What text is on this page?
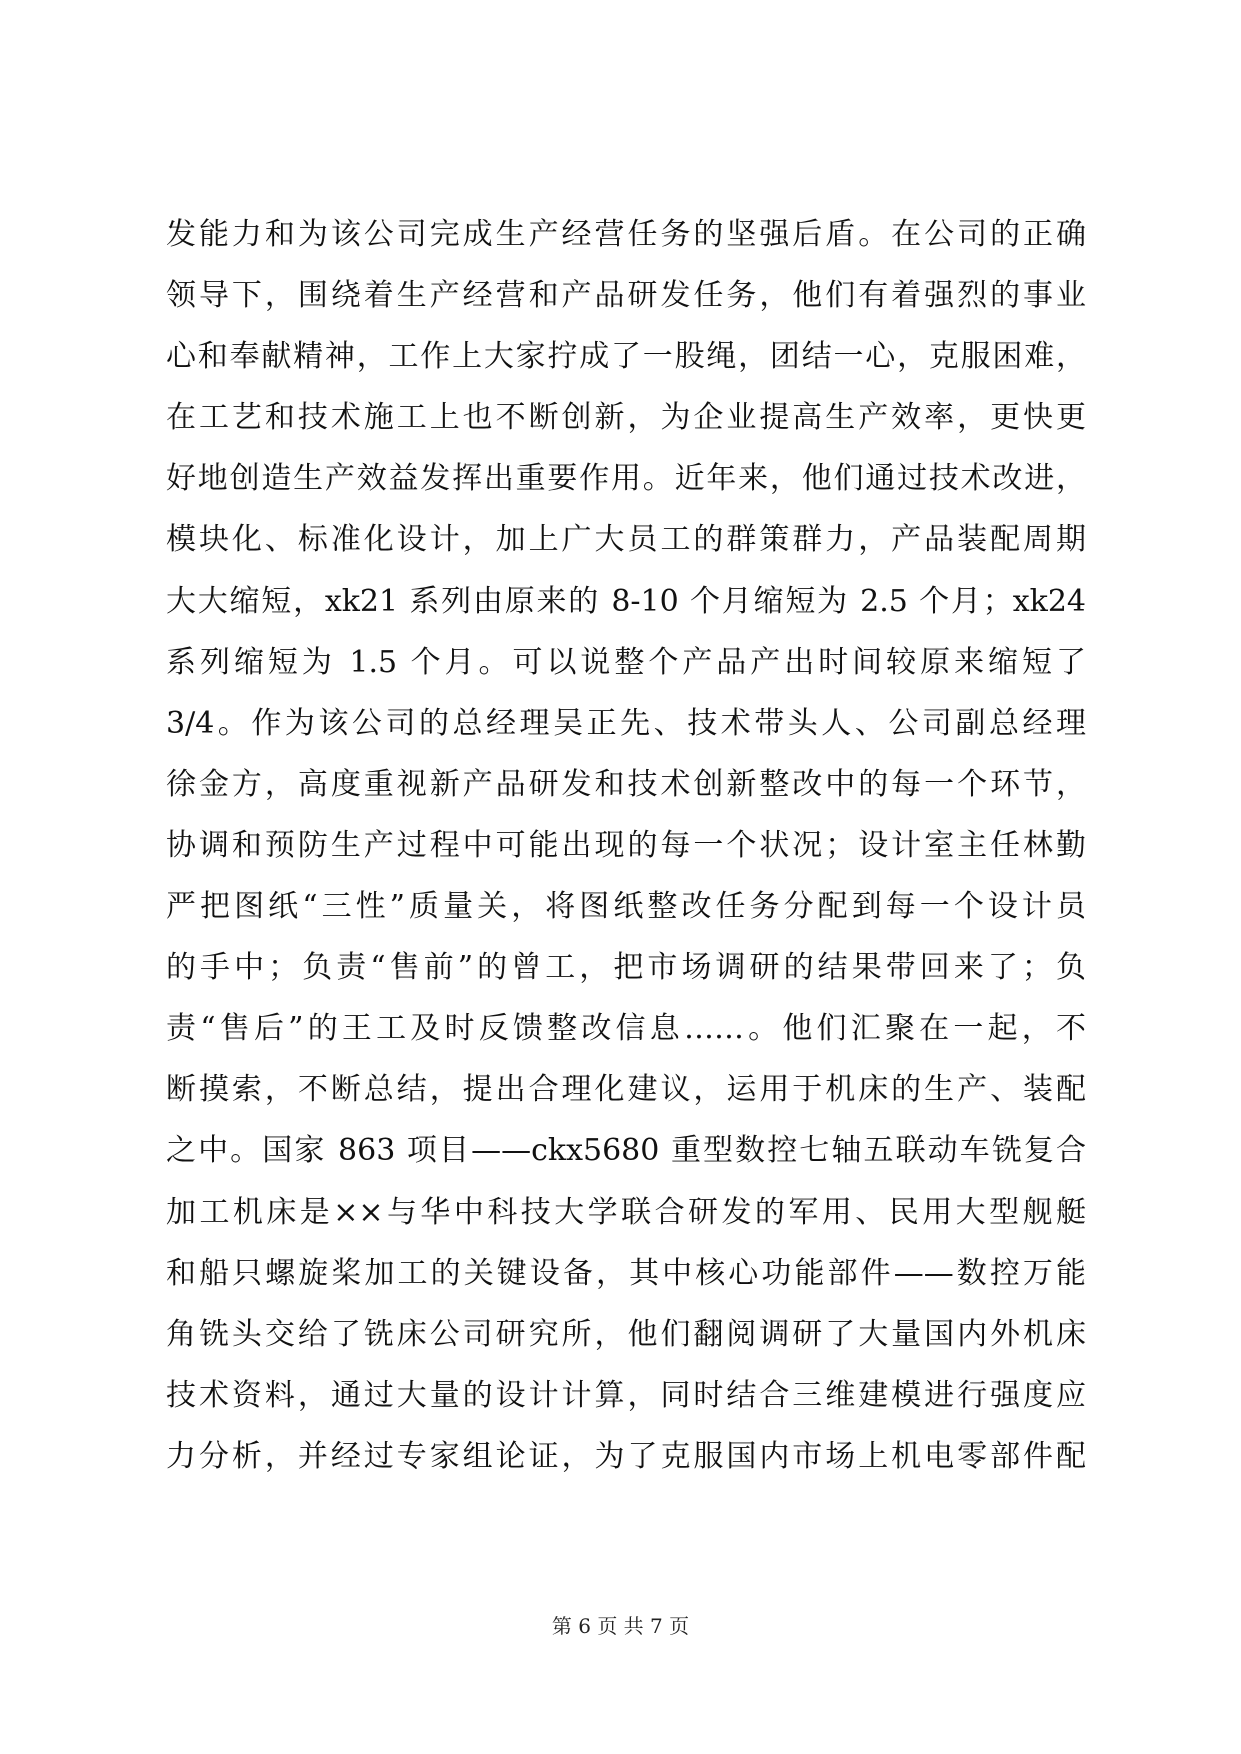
发能力和为该公司完成生产经营任务的坚强后盾。在公司的正确
领导下，围绕着生产经营和产品研发任务，他们有着强烈的事业
心和奉献精神，工作上大家拧成了一股绳，团结一心，克服困难，
在工艺和技术施工上也不断创新，为企业提高生产效率，更快更
好地创造生产效益发挥出重要作用。近年来，他们通过技术改进，
模块化、标准化设计，加上广大员工的群策群力，产品装配周期
大大缩短，xk21 系列由原来的 8-10 个月缩短为 2.5 个月；xk24
系列缩短为 1.5 个月。可以说整个产品产出时间较原来缩短了
3/4。作为该公司的总经理吴正先、技术带头人、公司副总经理
徐金方，高度重视新产品研发和技术创新整改中的每一个环节，
协调和预防生产过程中可能出现的每一个状况；设计室主任林勤
严把图纸“三性”质量关，将图纸整改任务分配到每一个设计员
的手中；负责“售前”的曾工，把市场调研的结果带回来了；负
责“售后”的王工及时反馈整改信息……。他们汇聚在一起，不
断摸索，不断总结，提出合理化建议，运用于机床的生产、装配
之中。国家 863 项目——ckx5680 重型数控七轴五联动车铣复合
加工机床是××与华中科技大学联合研发的军用、民用大型舰艇
和船只螺旋桨加工的关键设备，其中核心功能部件——数控万能
角铣头交给了铣床公司研究所，他们翻阅调研了大量国内外机床
技术资料，通过大量的设计计算，同时结合三维建模进行强度应
力分析，并经过专家组论证，为了克服国内市场上机电零部件配
第 6 页 共 7 页
